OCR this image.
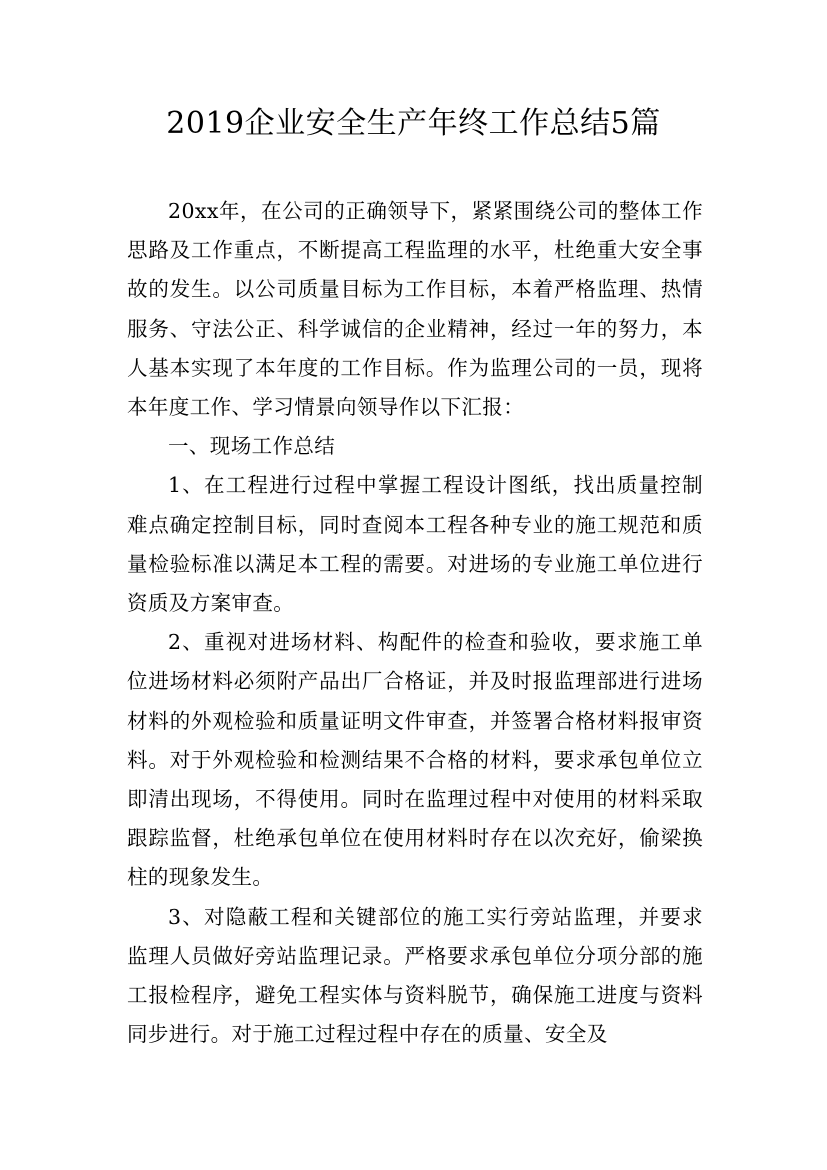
2019企业安全生产年终工作总结5篇

20xx年，在公司的正确领导下，紧紧围绕公司的整体工作思路及工作重点，不断提高工程监理的水平，杜绝重大安全事故的发生。以公司质量目标为工作目标，本着严格监理、热情服务、守法公正、科学诚信的企业精神，经过一年的努力，本人基本实现了本年度的工作目标。作为监理公司的一员，现将本年度工作、学习情景向领导作以下汇报：

一、现场工作总结

1、在工程进行过程中掌握工程设计图纸，找出质量控制难点确定控制目标，同时查阅本工程各种专业的施工规范和质量检验标准以满足本工程的需要。对进场的专业施工单位进行资质及方案审查。

2、重视对进场材料、构配件的检查和验收，要求施工单位进场材料必须附产品出厂合格证，并及时报监理部进行进场材料的外观检验和质量证明文件审查，并签署合格材料报审资料。对于外观检验和检测结果不合格的材料，要求承包单位立即清出现场，不得使用。同时在监理过程中对使用的材料采取跟踪监督，杜绝承包单位在使用材料时存在以次充好，偷梁换柱的现象发生。

3、对隐蔽工程和关键部位的施工实行旁站监理，并要求监理人员做好旁站监理记录。严格要求承包单位分项分部的施工报检程序，避免工程实体与资料脱节，确保施工进度与资料同步进行。对于施工过程过程中存在的质量、安全及
